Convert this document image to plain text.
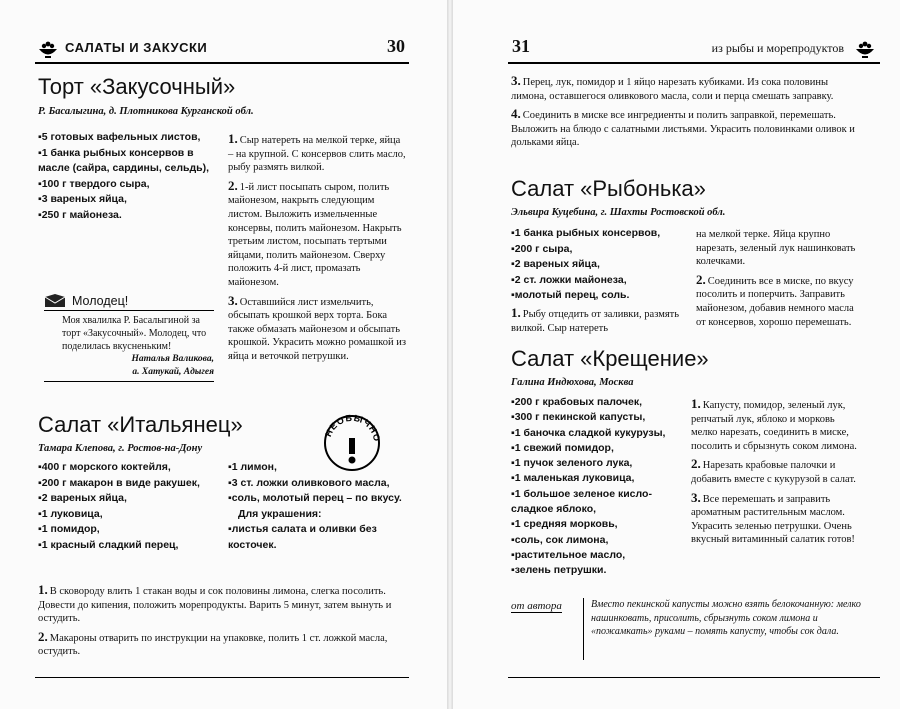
САЛАТЫ И ЗАКУСКИ	30
Торт «Закусочный»
Р. Басалыгина, д. Плотникова Курганской обл.
▪5 готовых вафельных листов,
▪1 банка рыбных консервов в масле (сайра, сардины, сельдь),
▪100 г твердого сыра,
▪3 вареных яйца,
▪250 г майонеза.

1. Сыр натереть на мелкой терке, яйца – на крупной. С консервов слить масло, рыбу размять вилкой.

2. 1-й лист посыпать сыром, полить майонезом, накрыть следующим листом. Выложить измельченные консервы, полить майонезом. Накрыть третьим листом, посыпать тертыми яйцами, полить майонезом. Сверху положить 4-й лист, промазать майонезом.

3. Оставшийся лист измельчить, обсыпать крошкой верх торта. Бока также обмазать майонезом и обсыпать крошкой. Украсить можно ромашкой из яйца и веточкой петрушки.

Молодец!
Моя хвалилка Р. Басалыгиной за торт «Закусочный». Молодец, что поделилась вкусненьким!
Наталья Валикова,
а. Хатукай, Адыгея
Салат «Итальянец»
Тамара Клепова, г. Ростов-на-Дону
НЕОБЫЧНО
▪400 г морского коктейля,
▪200 г макарон в виде ракушек,
▪2 вареных яйца,
▪1 луковица,
▪1 помидор,
▪1 красный сладкий перец,
▪1 лимон,
▪3 ст. ложки оливкового масла,
▪соль, молотый перец – по вкусу.
Для украшения:
▪листья салата и оливки без косточек.

1. В сковороду влить 1 стакан воды и сок половины лимона, слегка посолить. Довести до кипения, положить морепродукты. Варить 5 минут, затем вынуть и остудить.

2. Макароны отварить по инструкции на упаковке, полить 1 ст. ложкой масла, остудить.

31	из рыбы и морепродуктов

3. Перец, лук, помидор и 1 яйцо нарезать кубиками. Из сока половины лимона, оставшегося оливкового масла, соли и перца смешать заправку.

4. Соединить в миске все ингредиенты и полить заправкой, перемешать. Выложить на блюдо с салатными листьями. Украсить половинками оливок и дольками яйца.

Салат «Рыбонька»
Эльвира Куцебина, г. Шахты Ростовской обл.
▪1 банка рыбных консервов,
▪200 г сыра,
▪2 вареных яйца,
▪2 ст. ложки майонеза,
▪молотый перец, соль.

1. Рыбу отцедить от заливки, размять вилкой. Сыр натереть

на мелкой терке. Яйца крупно нарезать, зеленый лук нашинковать колечками.

2. Соединить все в миске, по вкусу посолить и поперчить. Заправить майонезом, добавив немного масла от консервов, хорошо перемешать.

Салат «Крещение»
Галина Индюхова, Москва
▪200 г крабовых палочек,
▪300 г пекинской капусты,
▪1 баночка сладкой кукурузы,
▪1 свежий помидор,
▪1 пучок зеленого лука,
▪1 маленькая луковица,
▪1 большое зеленое кисло-сладкое яблоко,
▪1 средняя морковь,
▪соль, сок лимона,
▪растительное масло,
▪зелень петрушки.

1. Капусту, помидор, зеленый лук, репчатый лук, яблоко и морковь мелко нарезать, соединить в миске, посолить и сбрызнуть соком лимона.

2. Нарезать крабовые палочки и добавить вместе с кукурузой в салат.

3. Все перемешать и заправить ароматным растительным маслом. Украсить зеленью петрушки. Очень вкусный витаминный салатик готов!

от автора	Вместо пекинской капусты можно взять белокочанную: мелко нашинковать, присолить, сбрызнуть соком лимона и «пожамкать» руками – помять капусту, чтобы сок дала.
